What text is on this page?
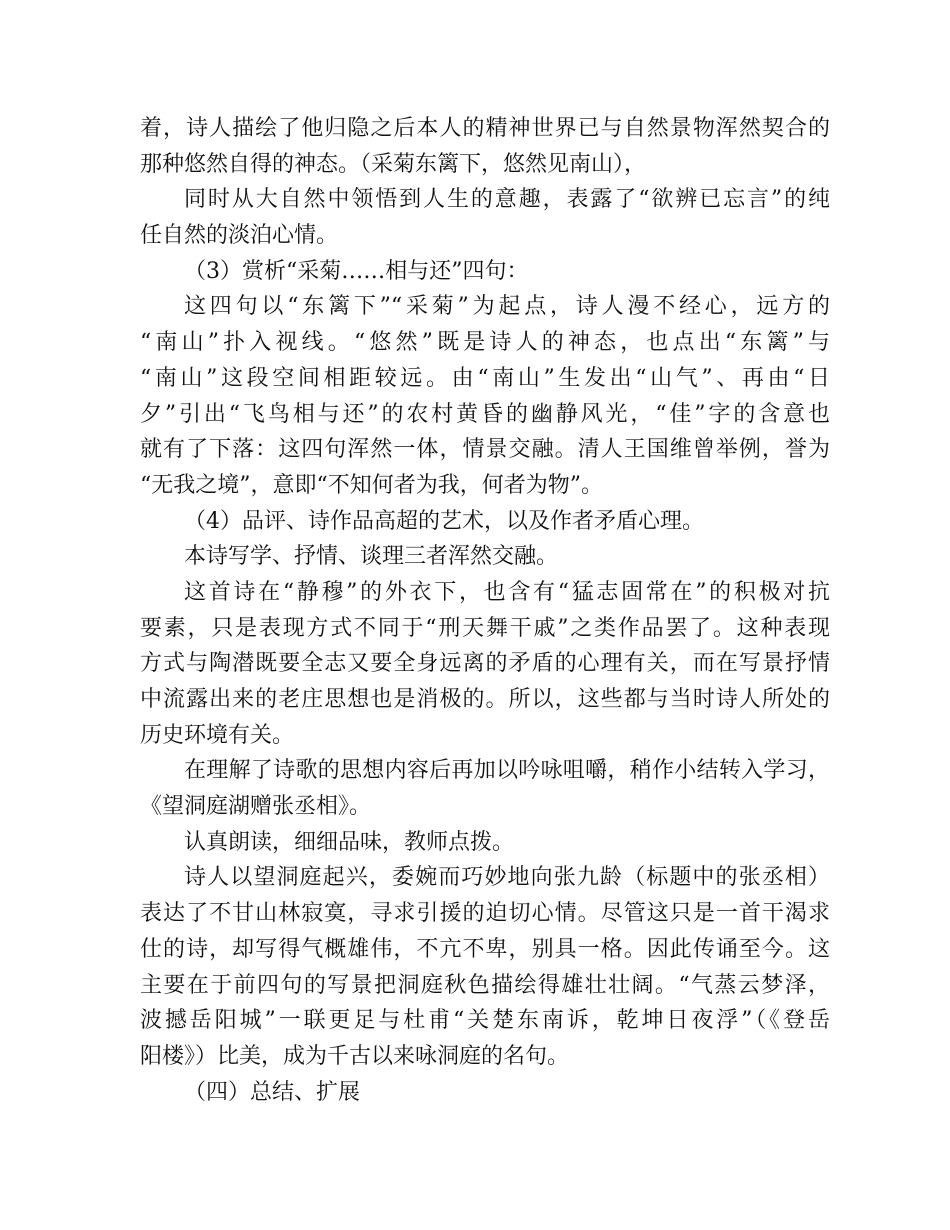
着，诗人描绘了他归隐之后本人的精神世界已与自然景物浑然契合的
那种悠然自得的神态。（采菊东篱下，悠然见南山），
同时从大自然中领悟到人生的意趣，表露了“欲辨已忘言”的纯
任自然的淡泊心情。
（3）赏析“采菊……相与还”四句：
这四句以“东篱下”“采菊”为起点，诗人漫不经心，远方的
“南山”扑入视线。“悠然”既是诗人的神态，也点出“东篱”与
“南山”这段空间相距较远。由“南山”生发出“山气”、再由“日
夕”引出“飞鸟相与还”的农村黄昏的幽静风光，“佳”字的含意也
就有了下落：这四句浑然一体，情景交融。清人王国维曾举例，誉为
“无我之境”，意即“不知何者为我，何者为物”。
（4）品评、诗作品高超的艺术，以及作者矛盾心理。
本诗写学、抒情、谈理三者浑然交融。
这首诗在“静穆”的外衣下，也含有“猛志固常在”的积极对抗
要素，只是表现方式不同于“刑天舞干戚”之类作品罢了。这种表现
方式与陶潜既要全志又要全身远离的矛盾的心理有关，而在写景抒情
中流露出来的老庄思想也是消极的。所以，这些都与当时诗人所处的
历史环境有关。
在理解了诗歌的思想内容后再加以吟咏咀嚼，稍作小结转入学习，
《望洞庭湖赠张丞相》。
认真朗读，细细品味，教师点拨。
诗人以望洞庭起兴，委婉而巧妙地向张九龄（标题中的张丞相）
表达了不甘山林寂寞，寻求引援的迫切心情。尽管这只是一首干渴求
仕的诗，却写得气概雄伟，不亢不卑，别具一格。因此传诵至今。这
主要在于前四句的写景把洞庭秋色描绘得雄壮壮阔。“气蒸云梦泽，
波撼岳阳城”一联更足与杜甫“关楚东南诉，乾坤日夜浮”（《登岳
阳楼》）比美，成为千古以来咏洞庭的名句。
（四）总结、扩展
